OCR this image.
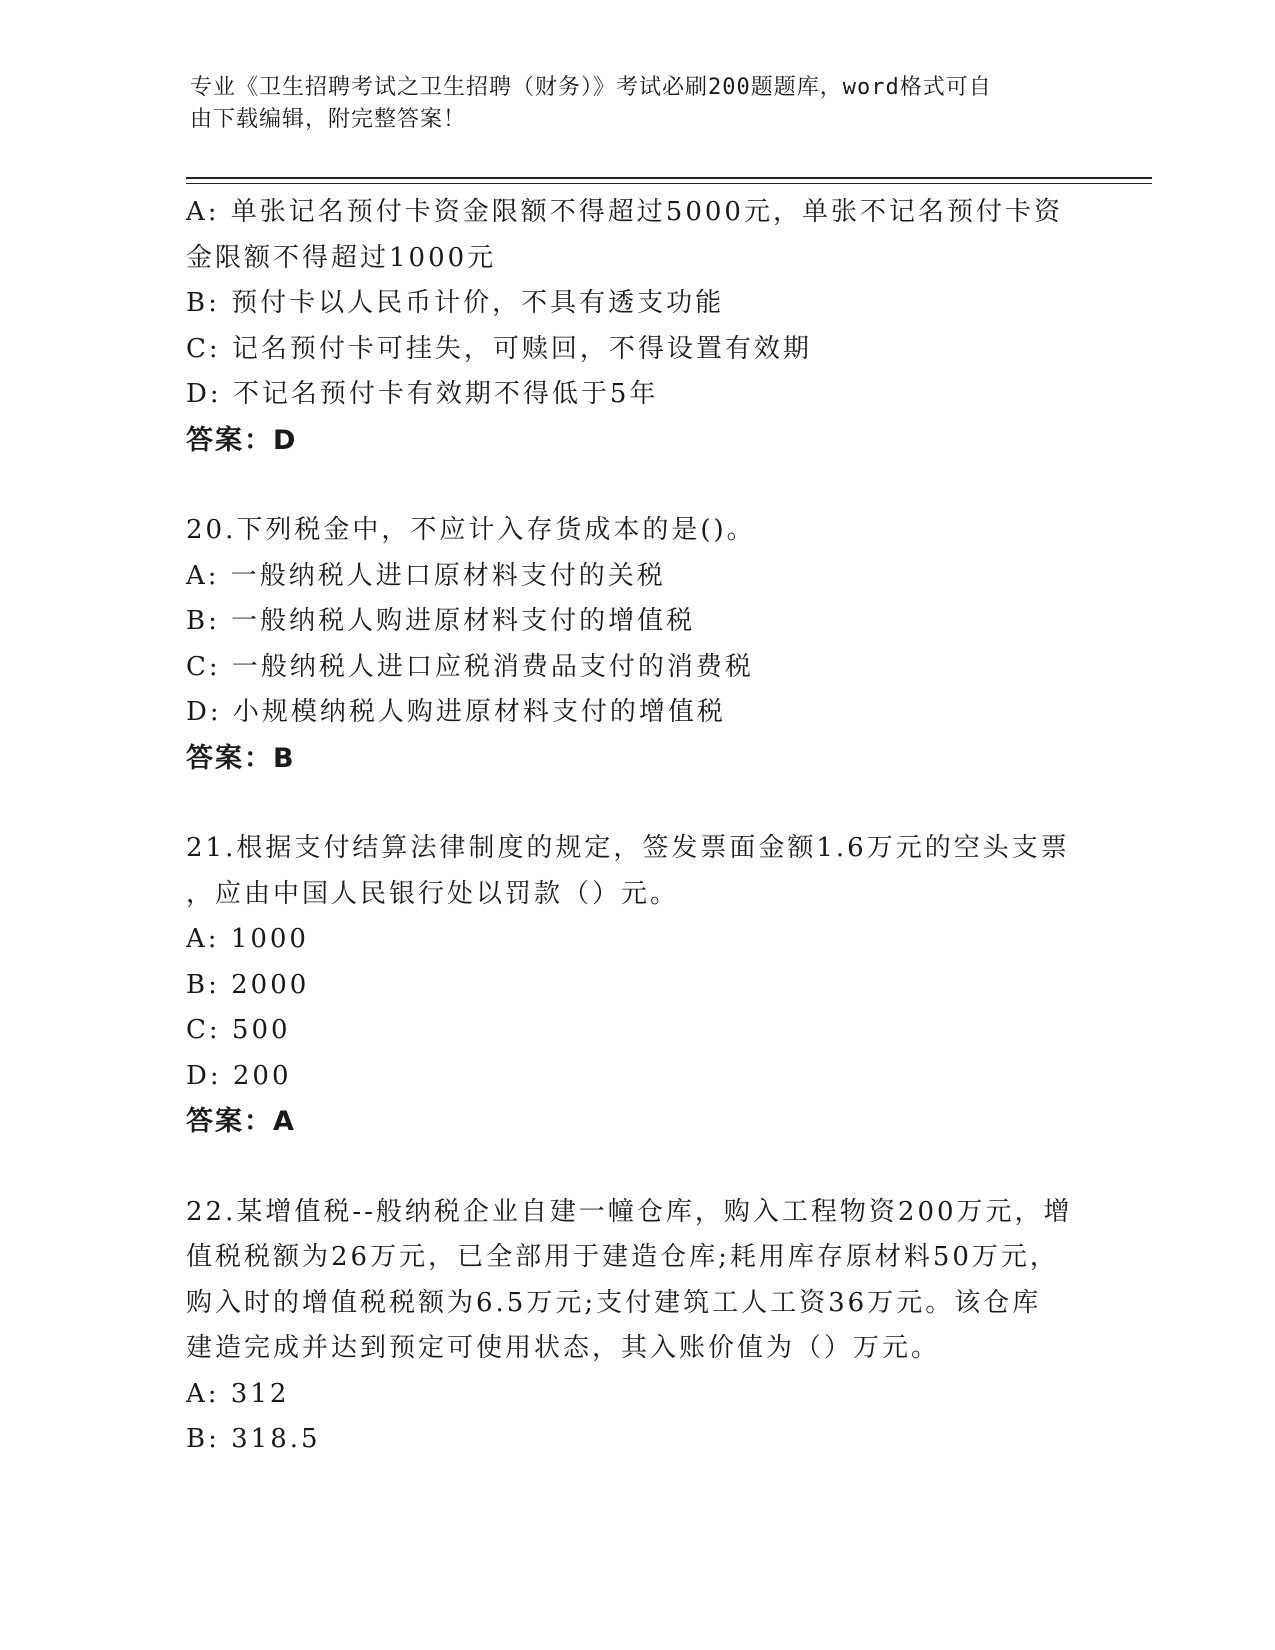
专业《卫生招聘考试之卫生招聘（财务）》考试必刷200题题库，word格式可自
由下载编辑，附完整答案！
A: 单张记名预付卡资金限额不得超过5000元，单张不记名预付卡资
金限额不得超过1000元
B: 预付卡以人民币计价，不具有透支功能
C: 记名预付卡可挂失，可赎回，不得设置有效期
D: 不记名预付卡有效期不得低于5年
答案：D
20.下列税金中，不应计入存货成本的是()。
A: 一般纳税人进口原材料支付的关税
B: 一般纳税人购进原材料支付的增值税
C: 一般纳税人进口应税消费品支付的消费税
D: 小规模纳税人购进原材料支付的增值税
答案：B
21.根据支付结算法律制度的规定，签发票面金额1.6万元的空头支票
，应由中国人民银行处以罚款（）元。
A: 1000
B: 2000
C: 500
D: 200
答案：A
22.某增值税--般纳税企业自建一幢仓库，购入工程物资200万元，增
值税税额为26万元，已全部用于建造仓库;耗用库存原材料50万元，
购入时的增值税税额为6.5万元;支付建筑工人工资36万元。该仓库
建造完成并达到预定可使用状态，其入账价值为（）万元。
A: 312
B: 318.5
